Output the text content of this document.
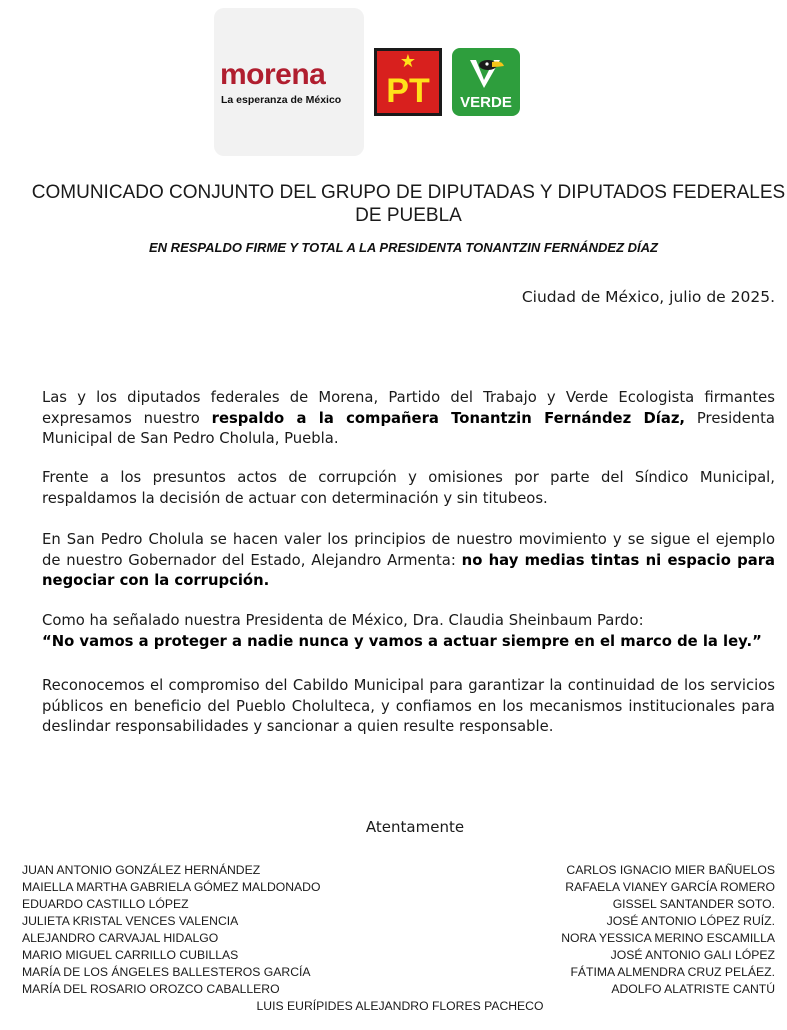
morena
La esperanza de México
★
PT	VERDE
COMUNICADO CONJUNTO DEL GRUPO DE DIPUTADAS Y DIPUTADOS FEDERALES DE PUEBLA
EN RESPALDO FIRME Y TOTAL A LA PRESIDENTA TONANTZIN FERNÁNDEZ DÍAZ
Ciudad de México, julio de 2025.
Las y los diputados federales de Morena, Partido del Trabajo y Verde Ecologista firmantes expresamos nuestro respaldo a la compañera Tonantzin Fernández Díaz, Presidenta Municipal de San Pedro Cholula, Puebla.
Frente a los presuntos actos de corrupción y omisiones por parte del Síndico Municipal, respaldamos la decisión de actuar con determinación y sin titubeos.
En San Pedro Cholula se hacen valer los principios de nuestro movimiento y se sigue el ejemplo de nuestro Gobernador del Estado, Alejandro Armenta: no hay medias tintas ni espacio para negociar con la corrupción.
Como ha señalado nuestra Presidenta de México, Dra. Claudia Sheinbaum Pardo:
“No vamos a proteger a nadie nunca y vamos a actuar siempre en el marco de la ley.”
Reconocemos el compromiso del Cabildo Municipal para garantizar la continuidad de los servicios públicos en beneficio del Pueblo Cholulteca, y confiamos en los mecanismos institucionales para deslindar responsabilidades y sancionar a quien resulte responsable.
Atentamente
JUAN ANTONIO GONZÁLEZ HERNÁNDEZ
MAIELLA MARTHA GABRIELA GÓMEZ MALDONADO
EDUARDO CASTILLO LÓPEZ
JULIETA KRISTAL VENCES VALENCIA
ALEJANDRO CARVAJAL HIDALGO
MARIO MIGUEL CARRILLO CUBILLAS
MARÍA DE LOS ÁNGELES BALLESTEROS GARCÍA
MARÍA DEL ROSARIO OROZCO CABALLERO
CARLOS IGNACIO MIER BAÑUELOS
RAFAELA VIANEY GARCÍA ROMERO
GISSEL SANTANDER SOTO.
JOSÉ ANTONIO LÓPEZ RUÍZ.
NORA YESSICA MERINO ESCAMILLA
JOSÉ ANTONIO GALI LÓPEZ
FÁTIMA ALMENDRA CRUZ PELÁEZ.
ADOLFO ALATRISTE CANTÚ
LUIS EURÍPIDES ALEJANDRO FLORES PACHECO
